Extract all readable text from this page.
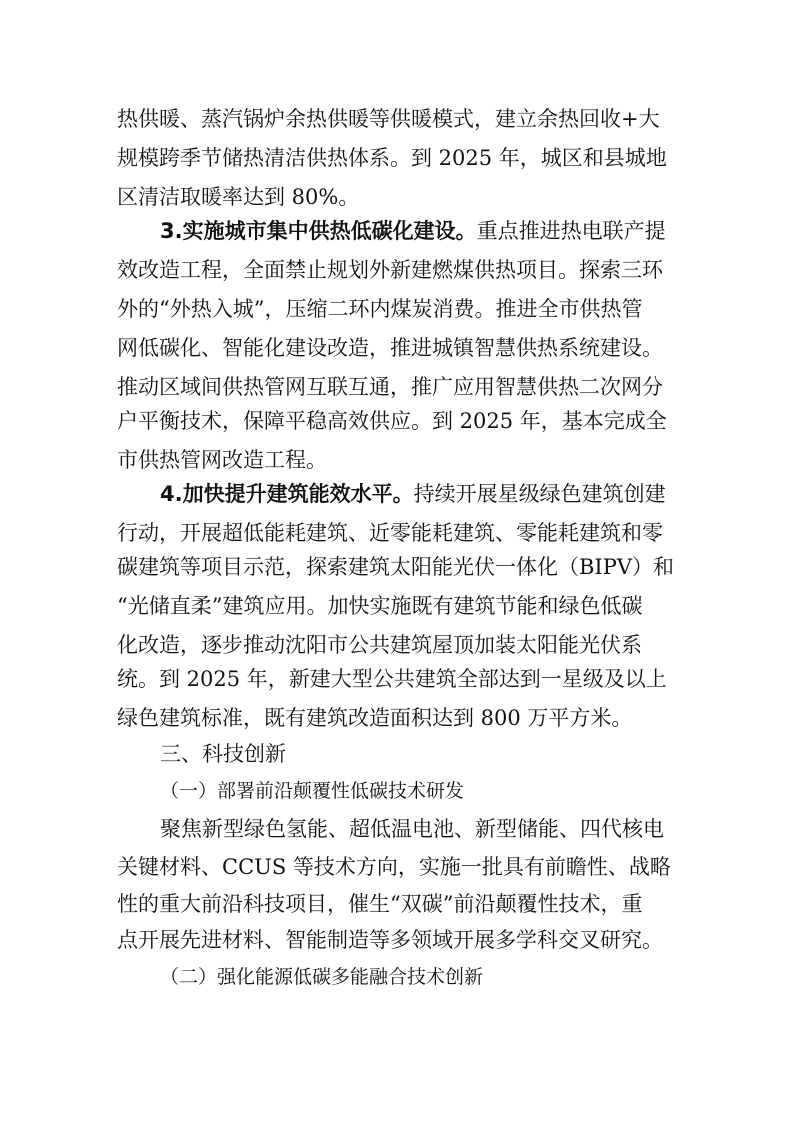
热供暖、蒸汽锅炉余热供暖等供暖模式，建立余热回收+大
规模跨季节储热清洁供热体系。到 2025 年，城区和县城地
区清洁取暖率达到 80%。
3.实施城市集中供热低碳化建设。重点推进热电联产提
效改造工程，全面禁止规划外新建燃煤供热项目。探索三环
外的“外热入城”，压缩二环内煤炭消费。推进全市供热管
网低碳化、智能化建设改造，推进城镇智慧供热系统建设。
推动区域间供热管网互联互通，推广应用智慧供热二次网分
户平衡技术，保障平稳高效供应。到 2025 年，基本完成全
市供热管网改造工程。
4.加快提升建筑能效水平。持续开展星级绿色建筑创建
行动，开展超低能耗建筑、近零能耗建筑、零能耗建筑和零
碳建筑等项目示范，探索建筑太阳能光伏一体化（BIPV）和
“光储直柔”建筑应用。加快实施既有建筑节能和绿色低碳
化改造，逐步推动沈阳市公共建筑屋顶加装太阳能光伏系
统。到 2025 年，新建大型公共建筑全部达到一星级及以上
绿色建筑标准，既有建筑改造面积达到 800 万平方米。
三、科技创新
（一）部署前沿颠覆性低碳技术研发
聚焦新型绿色氢能、超低温电池、新型储能、四代核电
关键材料、CCUS 等技术方向，实施一批具有前瞻性、战略
性的重大前沿科技项目，催生“双碳”前沿颠覆性技术，重
点开展先进材料、智能制造等多领域开展多学科交叉研究。
（二）强化能源低碳多能融合技术创新
